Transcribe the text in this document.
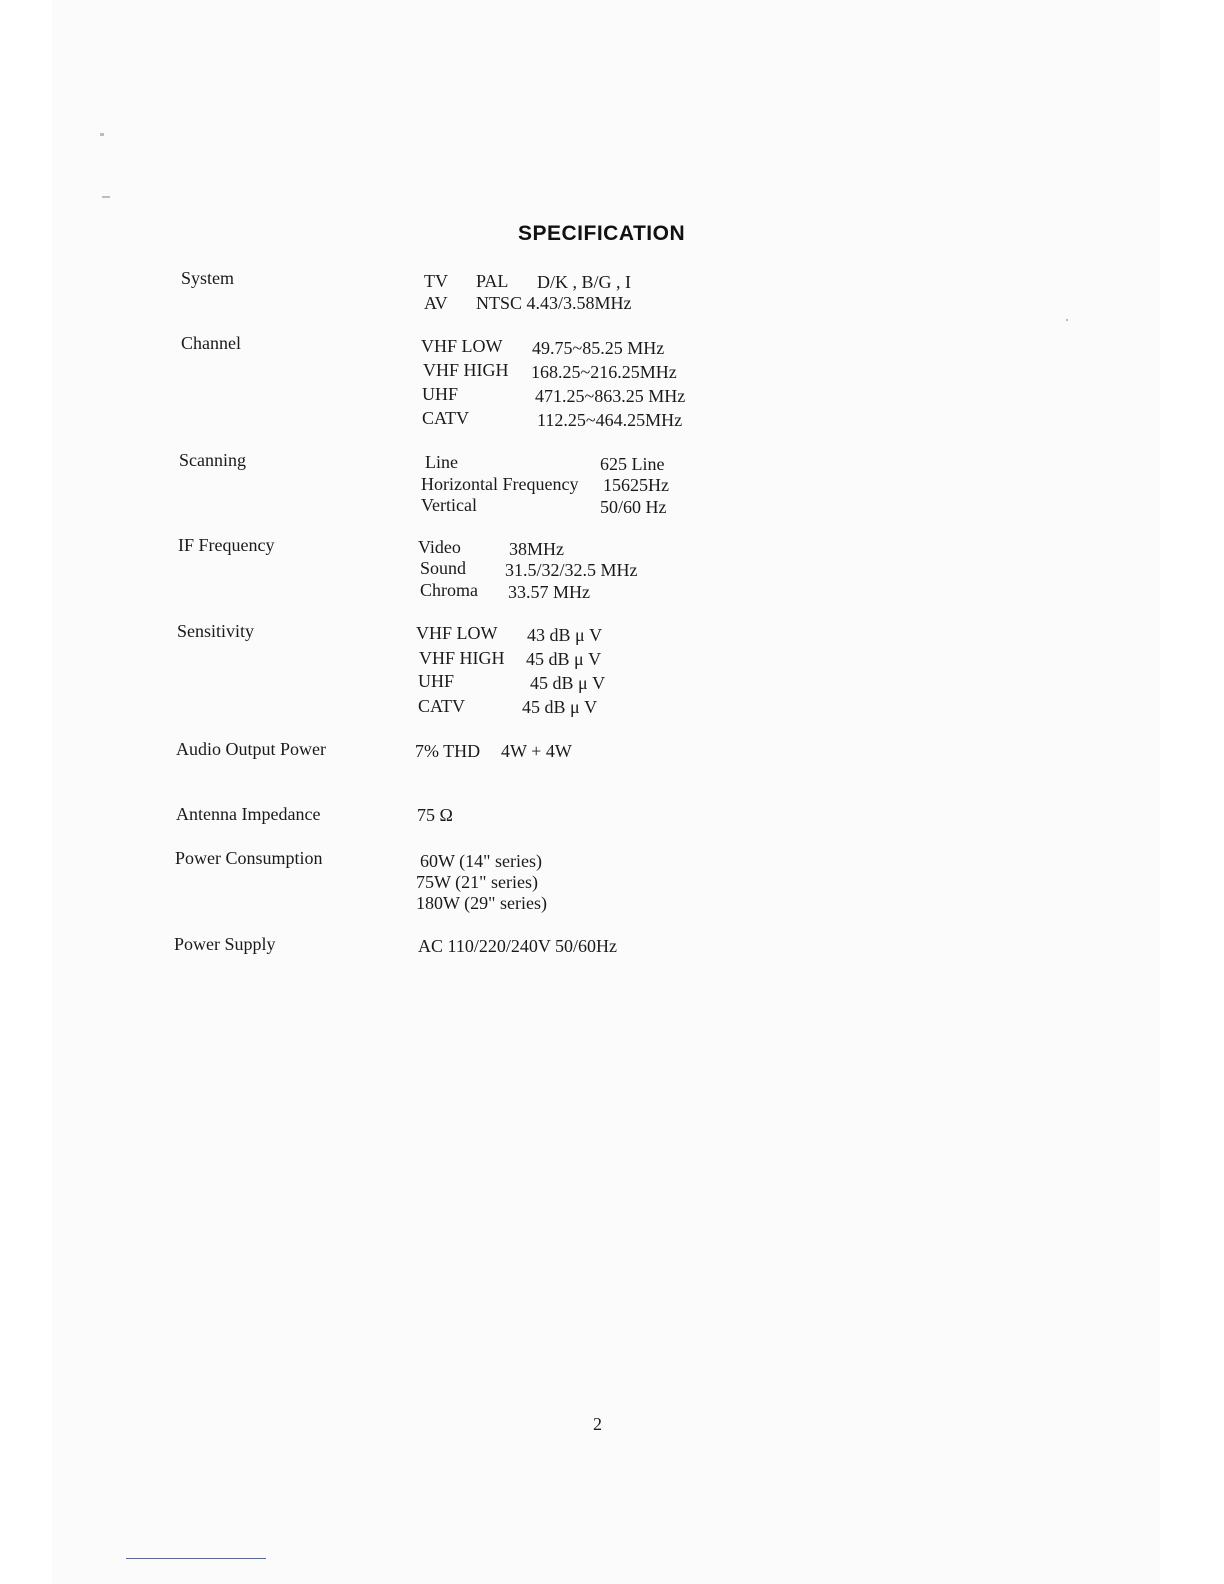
SPECIFICATION
System	TV PAL D/K , B/G , I
AV NTSC 4.43/3.58MHz
Channel	VHF LOW 49.75~85.25 MHz
VHF HIGH 168.25~216.25MHz
UHF	471.25~863.25 MHz
CATV	112.25~464.25MHz
Scanning	Line	625 Line
Horizontal Frequency 15625Hz
Vertical	50/60 Hz
IF Frequency	Video	38MHz
Sound 31.5/32/32.5 MHz
Chroma 33.57 MHz
Sensitivity	VHF LOW 43 dB μ V
VHF HIGH 45 dB μ V
UHF	45 dB μ V
CATV	45 dB μ V
Audio Output Power	7% THD 4W + 4W
Antenna Impedance	75 Ω
Power Consumption	60W (14" series)
75W (21" series)
180W (29" series)
Power Supply	AC 110/220/240V 50/60Hz
2
